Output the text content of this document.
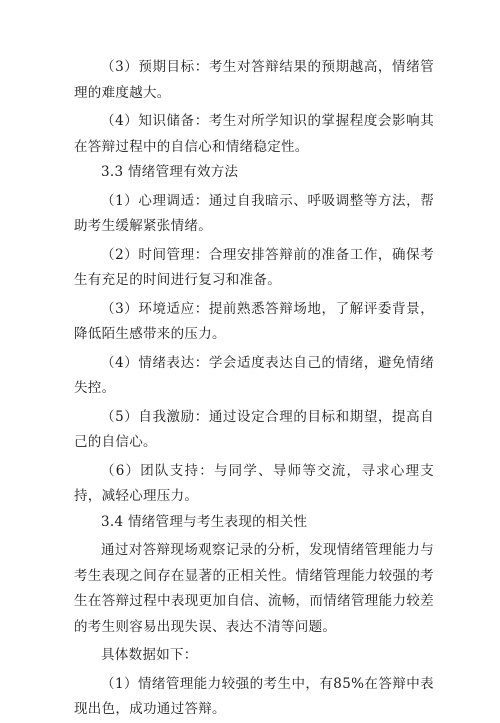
（3）预期目标：考生对答辩结果的预期越高，情绪管理的难度越大。

（4）知识储备：考生对所学知识的掌握程度会影响其在答辩过程中的自信心和情绪稳定性。

3.3 情绪管理有效方法

（1）心理调适：通过自我暗示、呼吸调整等方法，帮助考生缓解紧张情绪。

（2）时间管理：合理安排答辩前的准备工作，确保考生有充足的时间进行复习和准备。

（3）环境适应：提前熟悉答辩场地，了解评委背景，降低陌生感带来的压力。

（4）情绪表达：学会适度表达自己的情绪，避免情绪失控。

（5）自我激励：通过设定合理的目标和期望，提高自己的自信心。

（6）团队支持：与同学、导师等交流，寻求心理支持，减轻心理压力。

3.4 情绪管理与考生表现的相关性

通过对答辩现场观察记录的分析，发现情绪管理能力与考生表现之间存在显著的正相关性。情绪管理能力较强的考生在答辩过程中表现更加自信、流畅，而情绪管理能力较差的考生则容易出现失误、表达不清等问题。

具体数据如下：

（1）情绪管理能力较强的考生中，有85%在答辩中表现出色，成功通过答辩。
